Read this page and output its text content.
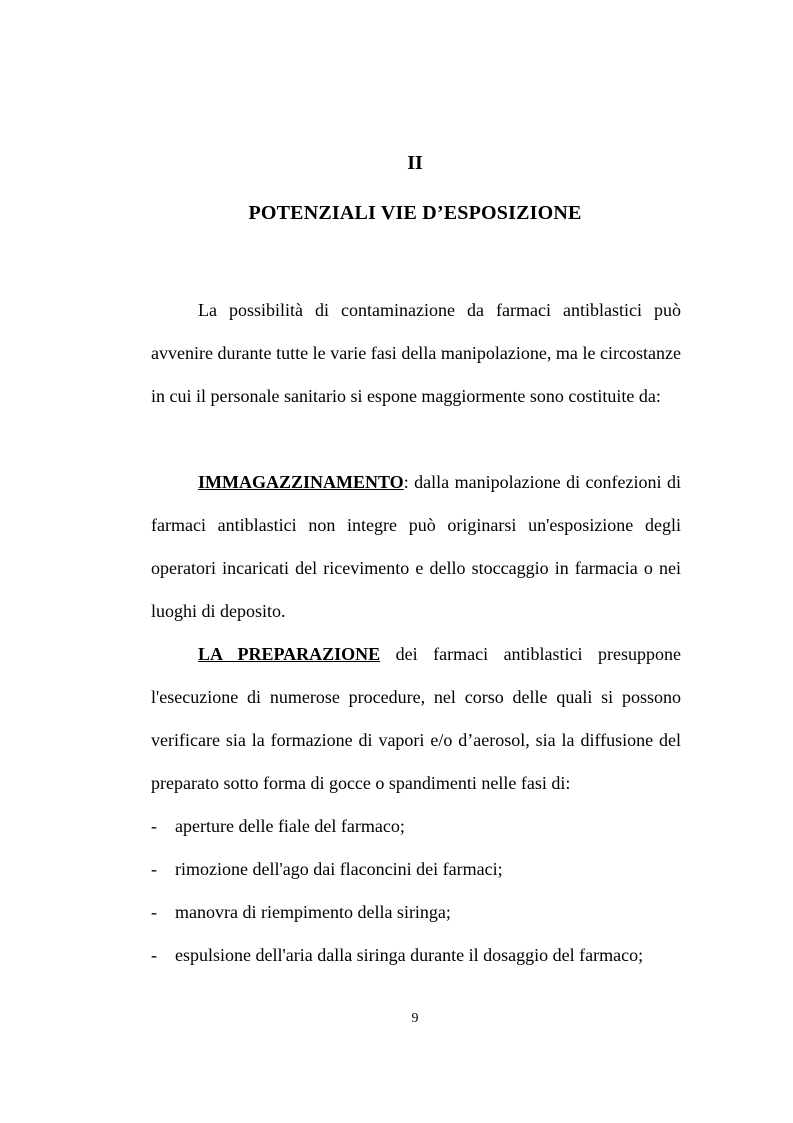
II
POTENZIALI VIE D’ESPOSIZIONE

La possibilità di contaminazione da farmaci antiblastici può avvenire durante tutte le varie fasi della manipolazione, ma le circostanze in cui il personale sanitario si espone maggiormente sono costituite da:

IMMAGAZZINAMENTO: dalla manipolazione di confezioni di farmaci antiblastici non integre può originarsi un'esposizione degli operatori incaricati del ricevimento e dello stoccaggio in farmacia o nei luoghi di deposito.

LA PREPARAZIONE dei farmaci antiblastici presuppone l'esecuzione di numerose procedure, nel corso delle quali si possono verificare sia la formazione di vapori e/o d’aerosol, sia la diffusione del preparato sotto forma di gocce o spandimenti nelle fasi di:

- aperture delle fiale del farmaco;
- rimozione dell'ago dai flaconcini dei farmaci;
- manovra di riempimento della siringa;
- espulsione dell'aria dalla siringa durante il dosaggio del farmaco;
9
